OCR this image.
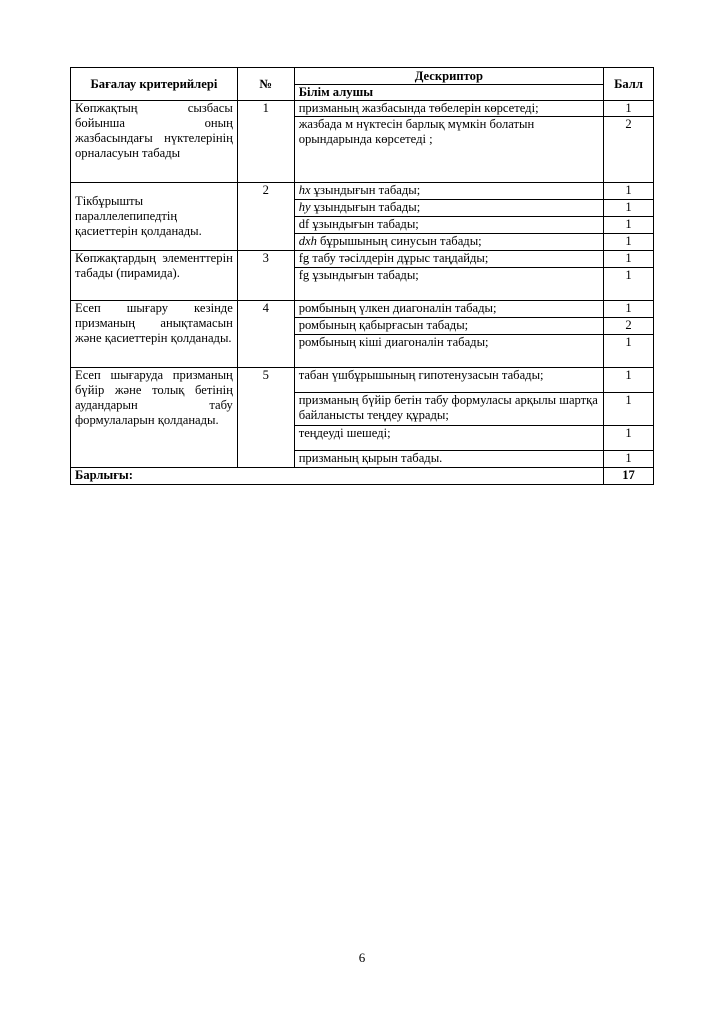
Бағалау критерийлері	№	Дескриптор	Балл
		Білім алушы	
Көпжақтың сызбасы бойынша оның жазбасындағы нүктелерінің орналасуын табады	1	призманың жазбасында төбелерін көрсетеді;	1
		жазбада м нүктесін барлық мүмкін болатын орындарында көрсетеді ;	2
Тікбұрышты параллелепипедтің қасиеттерін қолданады.	2	hx ұзындығын табады;	1
		hy ұзындығын табады;	1
		df ұзындығын табады;	1
		dxh бұрышының синусын табады;	1
Көпжақтардың элементтерін табады (пирамида).	3	fg табу тәсілдерін дұрыс таңдайды;	1
		fg ұзындығын табады;	1
Есеп шығару кезінде призманың анықтамасын және қасиеттерін қолданады.	4	ромбының үлкен диагоналін табады;	1
		ромбының қабырғасын табады;	2
		ромбының кіші диагоналін табады;	1
Есеп шығаруда призманың бүйір және толық бетінің аудандарын табу формулаларын қолданады.	5	табан үшбұрышының гипотенузасын табады;	1
		призманың бүйір бетін табу формуласы арқылы шартқа байланысты теңдеу құрады;	1
		теңдеуді шешеді;	1
		призманың қырын табады.	1
Барлығы:			17
6
